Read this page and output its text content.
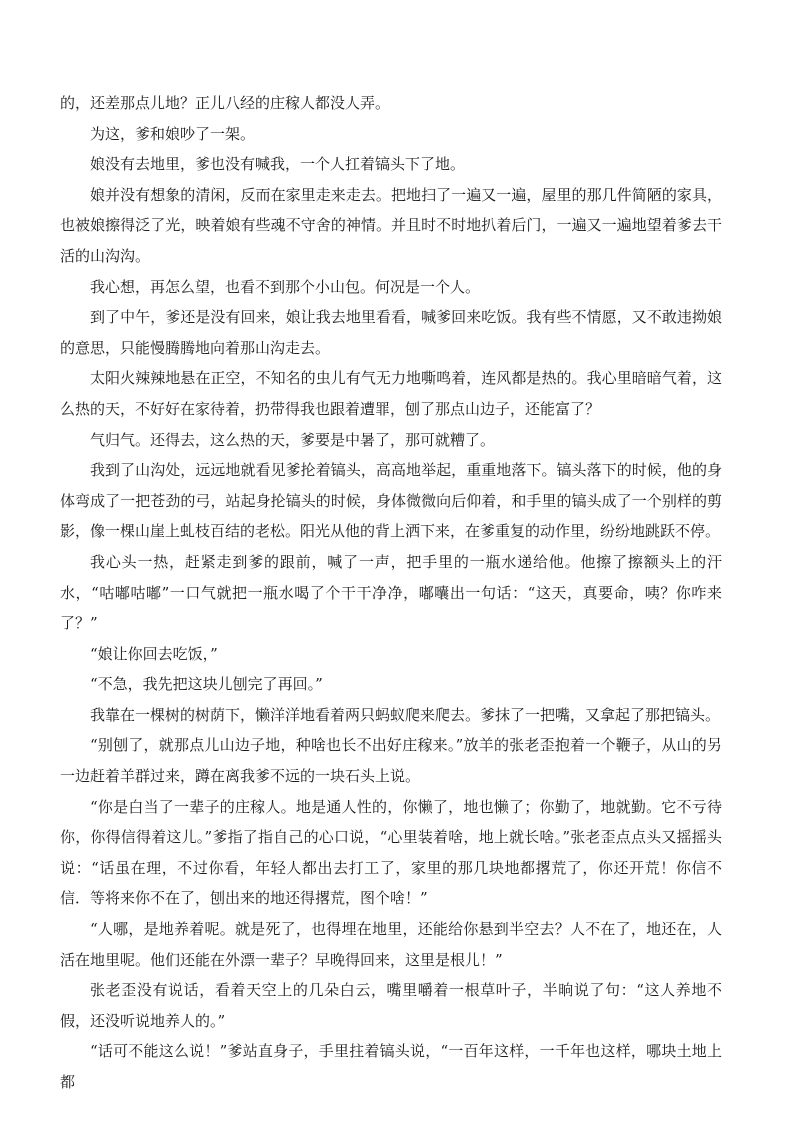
的，还差那点儿地？正儿八经的庄稼人都没人弄。

为这，爹和娘吵了一架。

娘没有去地里，爹也没有喊我，一个人扛着镐头下了地。

娘并没有想象的清闲，反而在家里走来走去。把地扫了一遍又一遍，屋里的那几件简陋的家具，也被娘擦得泛了光，映着娘有些魂不守舍的神情。并且时不时地扒着后门，一遍又一遍地望着爹去干活的山沟沟。

我心想，再怎么望，也看不到那个小山包。何况是一个人。

到了中午，爹还是没有回来，娘让我去地里看看，喊爹回来吃饭。我有些不情愿，又不敢违拗娘的意思，只能慢腾腾地向着那山沟走去。

太阳火辣辣地悬在正空，不知名的虫儿有气无力地嘶鸣着，连风都是热的。我心里暗暗气着，这么热的天，不好好在家待着，扔带得我也跟着遭罪，刨了那点山边子，还能富了？

气归气。还得去，这么热的天，爹要是中暑了，那可就糟了。

我到了山沟处，远远地就看见爹抡着镐头，高高地举起，重重地落下。镐头落下的时候，他的身体弯成了一把苍劲的弓，站起身抡镐头的时候，身体微微向后仰着，和手里的镐头成了一个别样的剪影，像一棵山崖上虬枝百结的老松。阳光从他的背上洒下来，在爹重复的动作里，纷纷地跳跃不停。

我心头一热，赶紧走到爹的跟前，喊了一声，把手里的一瓶水递给他。他擦了擦额头上的汗水，“咕嘟咕嘟”一口气就把一瓶水喝了个干干净净，嘟囔出一句话：“这天，真要命，咦？你咋来了？”

“娘让你回去吃饭，”

“不急，我先把这块儿刨完了再回。”

我靠在一棵树的树荫下，懒洋洋地看着两只蚂蚁爬来爬去。爹抹了一把嘴，又拿起了那把镐头。

“别刨了，就那点儿山边子地，种啥也长不出好庄稼来。”放羊的张老歪抱着一个鞭子，从山的另一边赶着羊群过来，蹲在离我爹不远的一块石头上说。

“你是白当了一辈子的庄稼人。地是通人性的，你懒了，地也懒了；你勤了，地就勤。它不亏待你，你得信得着这儿。”爹指了指自己的心口说，“心里装着啥，地上就长啥。”张老歪点点头又摇摇头说：“话虽在理，不过你看，年轻人都出去打工了，家里的那几块地都撂荒了，你还开荒！你信不信．等将来你不在了，刨出来的地还得撂荒，图个啥！”

“人哪，是地养着呢。就是死了，也得埋在地里，还能给你悬到半空去？人不在了，地还在，人活在地里呢。他们还能在外漂一辈子？早晚得回来，这里是根儿！”

张老歪没有说话，看着天空上的几朵白云，嘴里嚼着一根草叶子，半晌说了句：“这人养地不假，还没听说地养人的。”

“话可不能这么说！”爹站直身子，手里拄着镐头说，“一百年这样，一千年也这样，哪块土地上都
